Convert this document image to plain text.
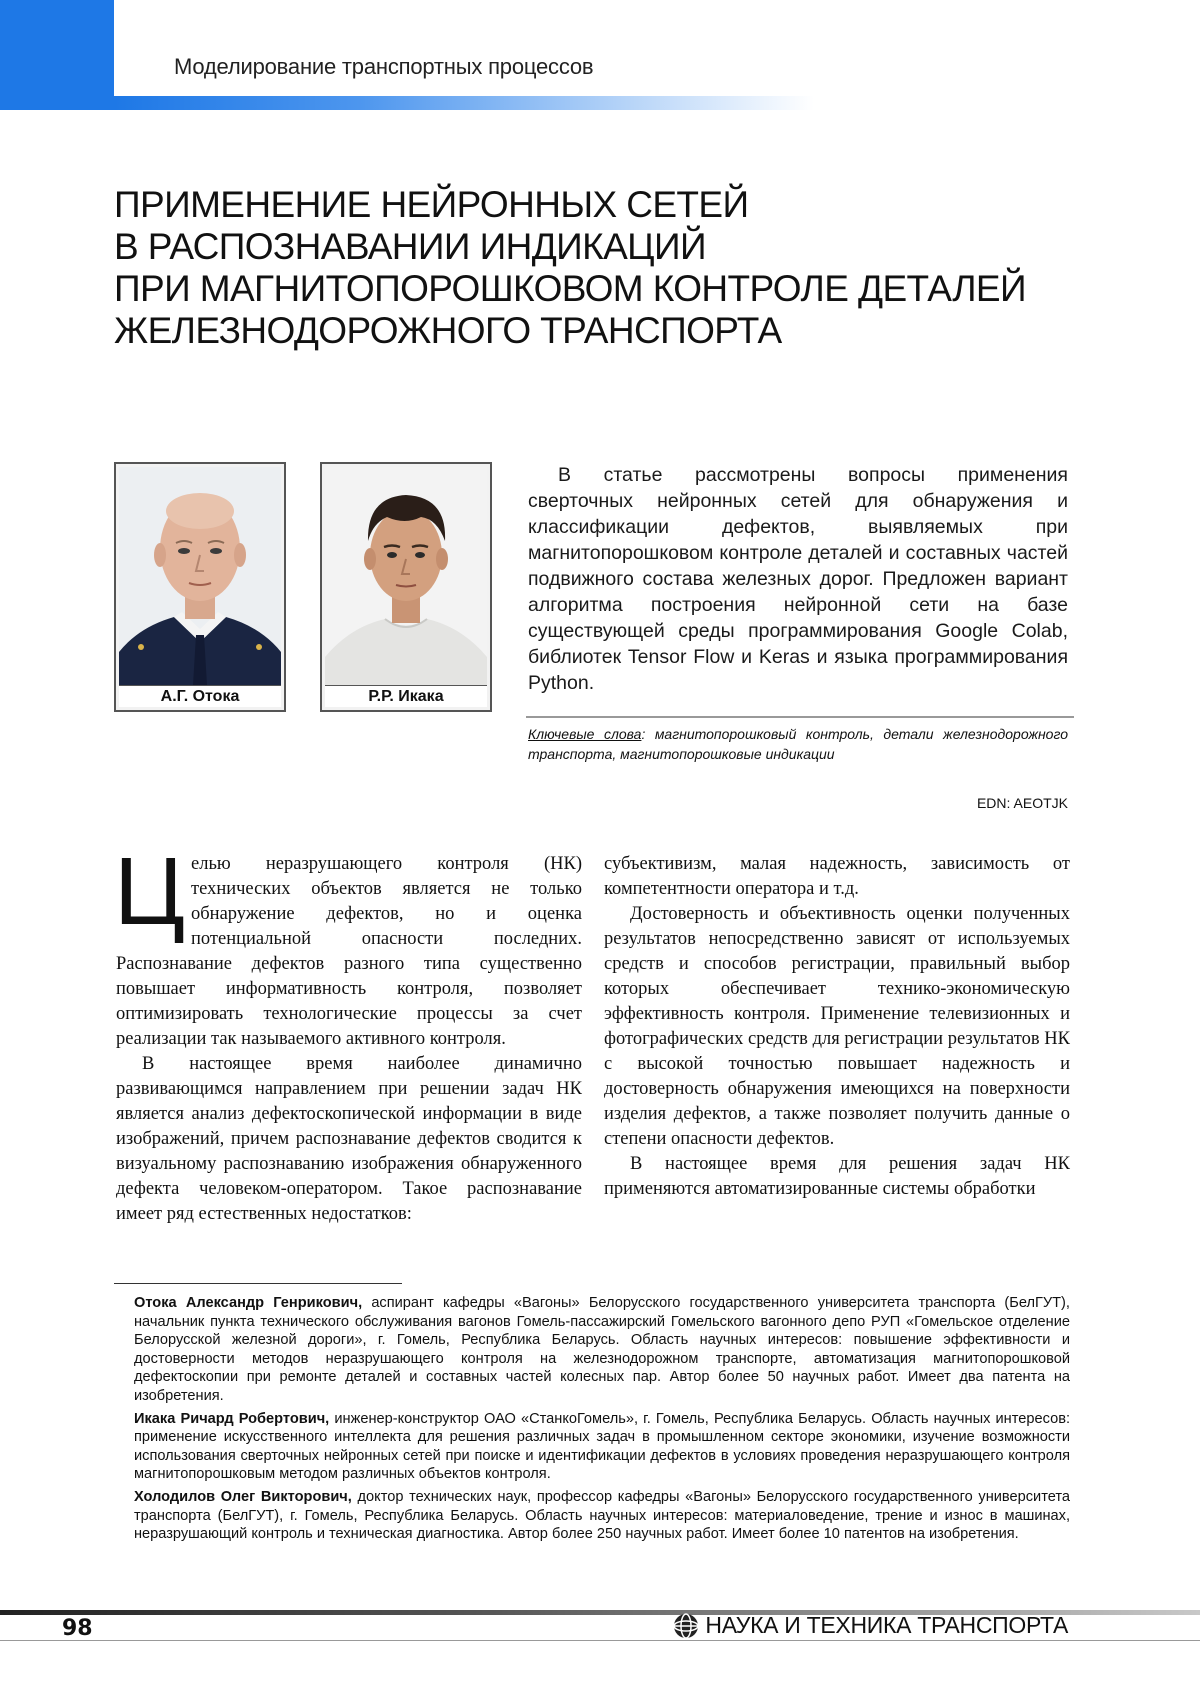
Моделирование транспортных процессов
ПРИМЕНЕНИЕ НЕЙРОННЫХ СЕТЕЙ
В РАСПОЗНАВАНИИ ИНДИКАЦИЙ
ПРИ МАГНИТОПОРОШКОВОМ КОНТРОЛЕ ДЕТАЛЕЙ
ЖЕЛЕЗНОДОРОЖНОГО ТРАНСПОРТА
А.Г. Отока	Р.Р. Икака
В статье рассмотрены вопросы применения сверточных нейронных сетей для обнаружения и классификации дефектов, выявляемых при магнитопорошковом контроле деталей и составных частей подвижного состава железных дорог. Предложен вариант алгоритма построения нейронной сети на базе существующей среды программирования Google Colab, библиотек Tensor Flow и Keras и языка программирования Python.
Ключевые слова: магнитопорошковый контроль, детали железнодорожного транспорта, магнитопорошковые индикации
EDN: AEOTJK

Целью неразрушающего контроля (НК) технических объектов является не только обнаружение дефектов, но и оценка потенциальной опасности последних. Распознавание дефектов разного типа существенно повышает информативность контроля, позволяет оптимизировать технологические процессы за счет реализации так называемого активного контроля.

В настоящее время наиболее динамично развивающимся направлением при решении задач НК является анализ дефектоскопической информации в виде изображений, причем распознавание дефектов сводится к визуальному распознаванию изображения обнаруженного дефекта человеком-оператором. Такое распознавание имеет ряд естественных недостатков:

субъективизм, малая надежность, зависимость от компетентности оператора и т.д.

Достоверность и объективность оценки полученных результатов непосредственно зависят от используемых средств и способов регистрации, правильный выбор которых обеспечивает технико-экономическую эффективность контроля. Применение телевизионных и фотографических средств для регистрации результатов НК с высокой точностью повышает надежность и достоверность обнаружения имеющихся на поверхности изделия дефектов, а также позволяет получить данные о степени опасности дефектов.

В настоящее время для решения задач НК применяются автоматизированные системы обработки

Отока Александр Генрикович, аспирант кафедры «Вагоны» Белорусского государственного университета транспорта (БелГУТ), начальник пункта технического обслуживания вагонов Гомель-пассажирский Гомельского вагонного депо РУП «Гомельское отделение Белорусской железной дороги», г. Гомель, Республика Беларусь. Область научных интересов: повышение эффективности и достоверности методов неразрушающего контроля на железнодорожном транспорте, автоматизация магнитопорошковой дефектоскопии при ремонте деталей и составных частей колесных пар. Автор более 50 научных работ. Имеет два патента на изобретения.

Икака Ричард Робертович, инженер-конструктор ОАО «СтанкоГомель», г. Гомель, Республика Беларусь. Область научных интересов: применение искусственного интеллекта для решения различных задач в промышленном секторе экономики, изучение возможности использования сверточных нейронных сетей при поиске и идентификации дефектов в условиях проведения неразрушающего контроля магнитопорошковым методом различных объектов контроля.

Холодилов Олег Викторович, доктор технических наук, профессор кафедры «Вагоны» Белорусского государственного университета транспорта (БелГУТ), г. Гомель, Республика Беларусь. Область научных интересов: материаловедение, трение и износ в машинах, неразрушающий контроль и техническая диагностика. Автор более 250 научных работ. Имеет более 10 патентов на изобретения.

98	НАУКА И ТЕХНИКА ТРАНСПОРТА
